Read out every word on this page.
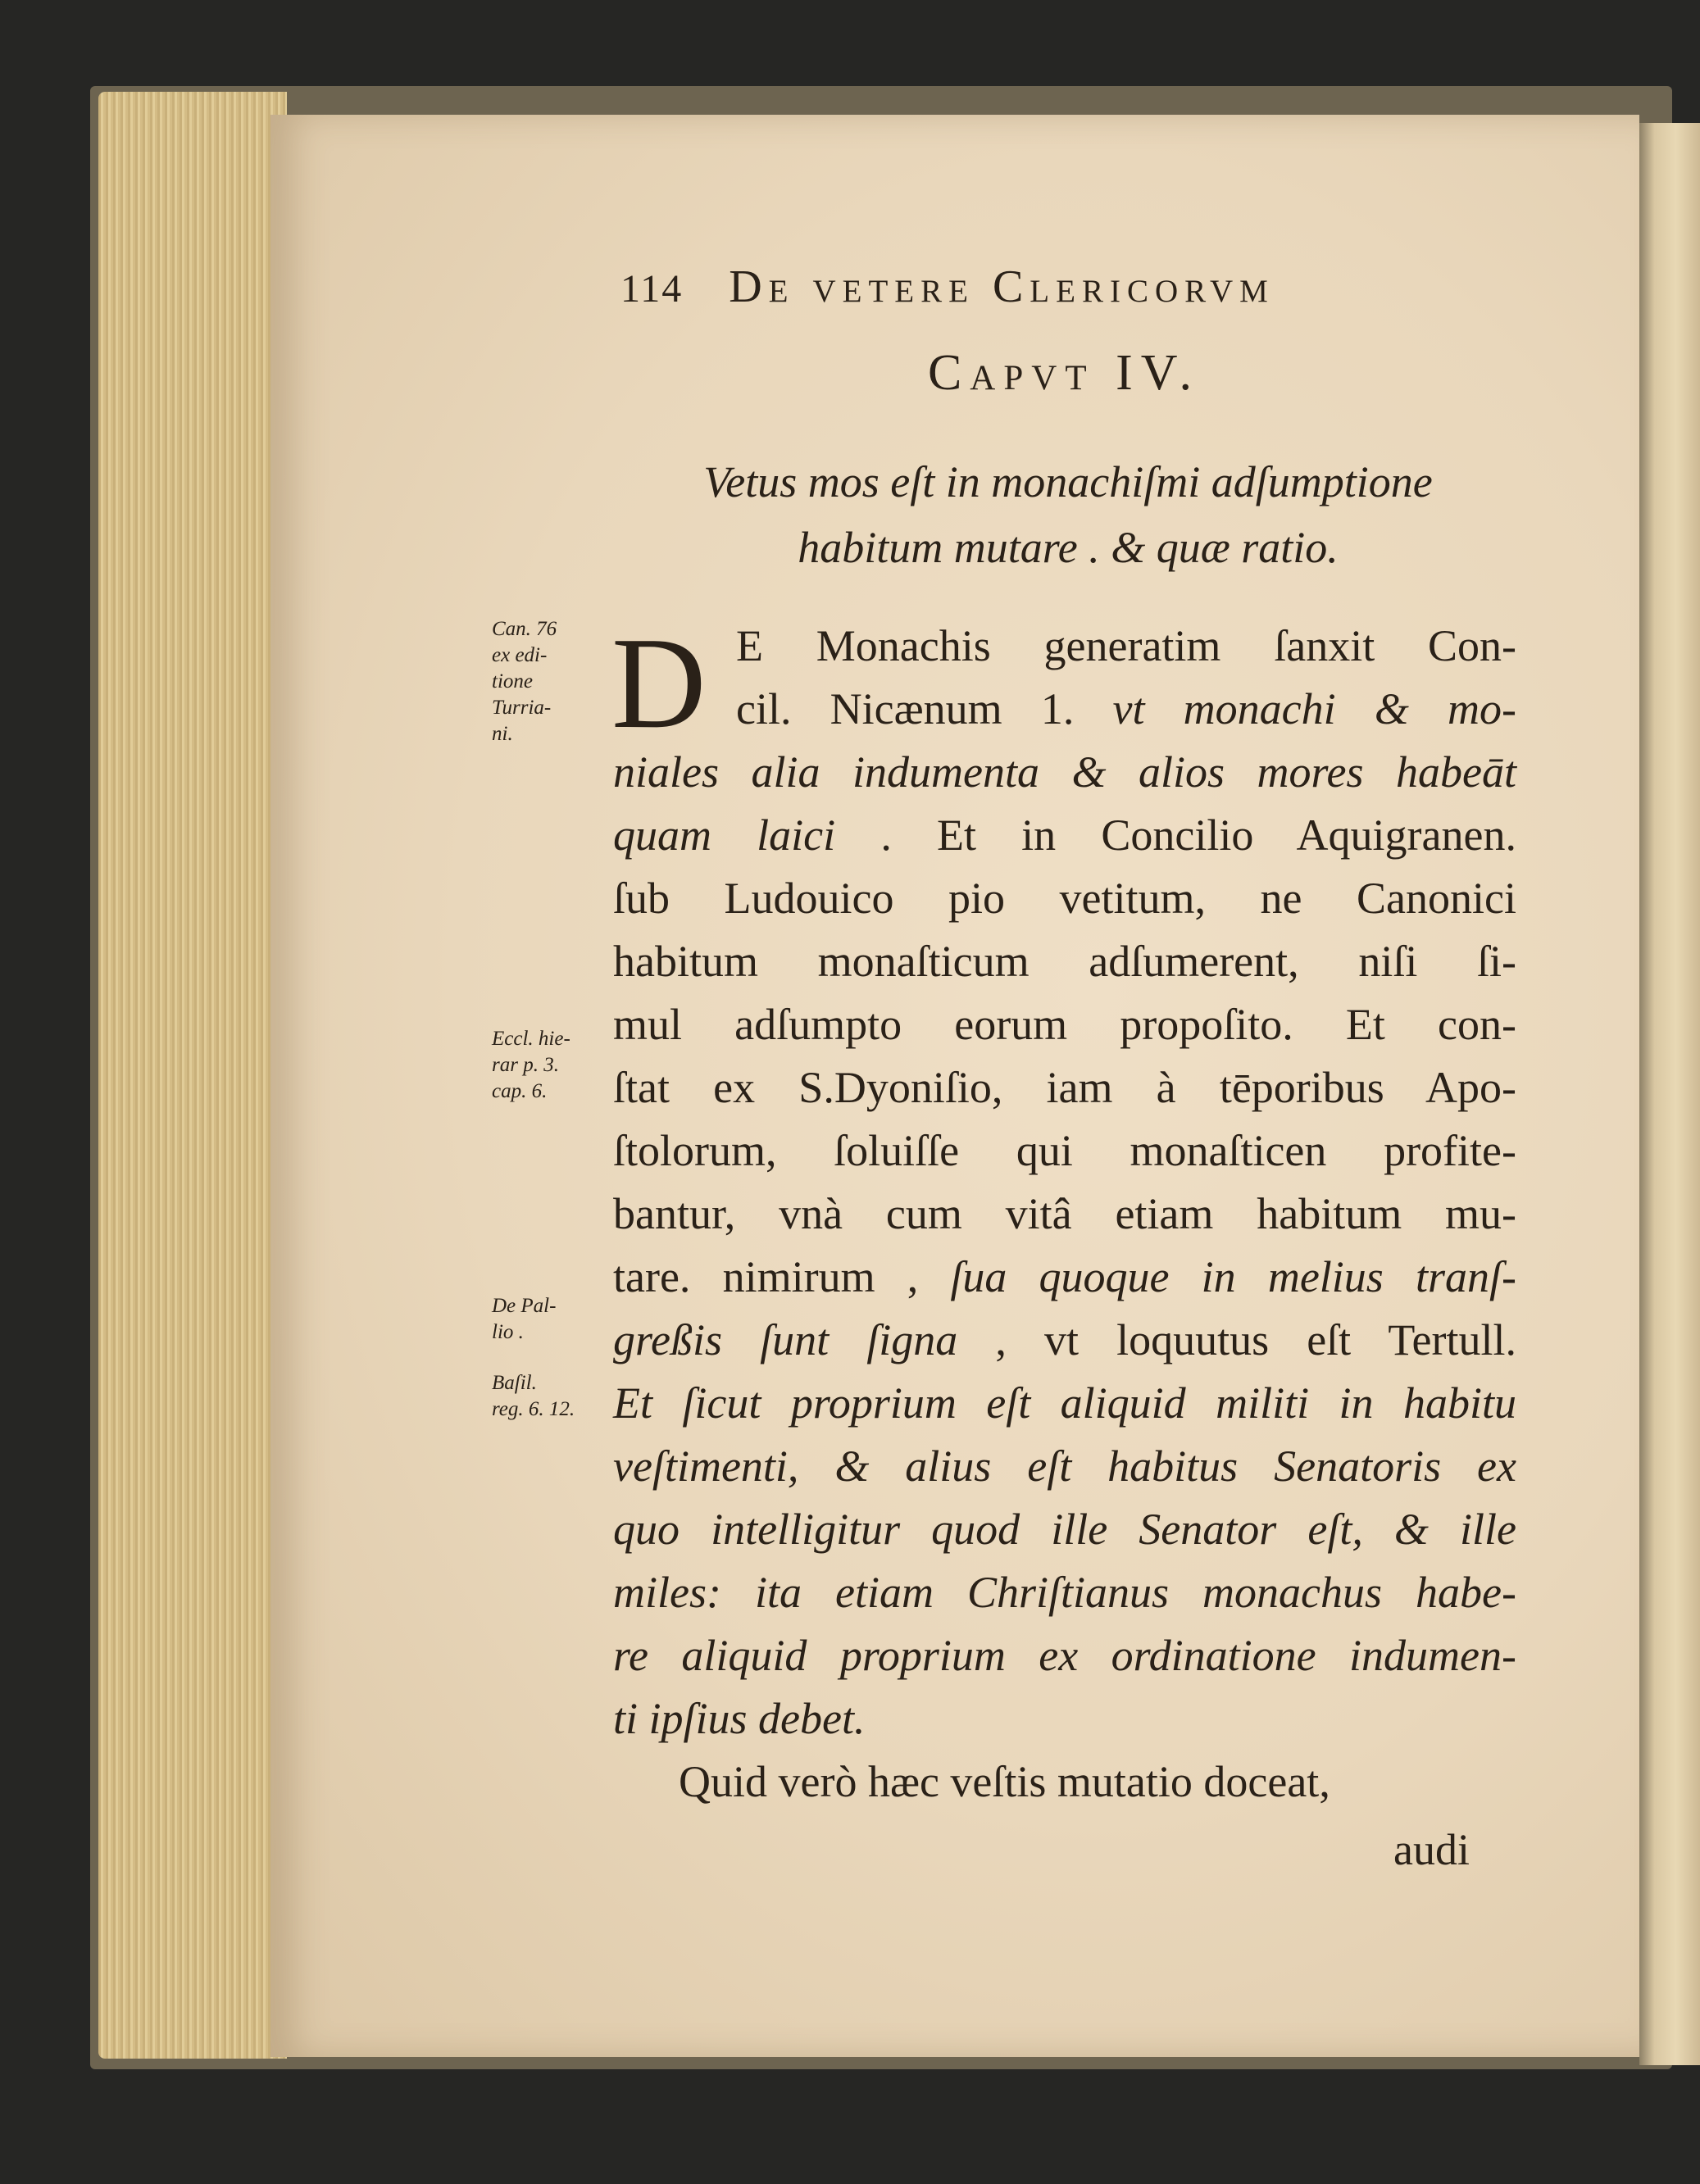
114 De vetere Clericorvm
Capvt IV.
Vetus mos eſt in monachiſmi adſumptione
habitum mutare . & quæ ratio.
D E Monachis generatim ſanxit Con-
cil. Nicænum 1. vt monachi & mo-
niales alia indumenta & alios mores habeāt
quam laici . Et in Concilio Aquigranen.
ſub Ludouico pio vetitum, ne Canonici
habitum monaſticum adſumerent, niſi ſi-
mul adſumpto eorum propoſito. Et con-
ſtat ex S.Dyoniſio, iam à tēporibus Apo-
ſtolorum, ſoluiſſe qui monaſticen profite-
bantur, vnà cum vitâ etiam habitum mu-
tare. nimirum , ſua quoque in melius tranſ-
greßis ſunt ſigna , vt loquutus eſt Tertull.
Et ſicut proprium eſt aliquid militi in habitu
veſtimenti, & alius eſt habitus Senatoris ex
quo intelligitur quod ille Senator eſt, & ille
miles: ita etiam Chriſtianus monachus habe-
re aliquid proprium ex ordinatione indumen-
ti ipſius debet.
Quid verò hæc veſtis mutatio doceat,
audi
Can. 76
ex edi-
tione
Turria-
ni.
Eccl. hie-
rar p. 3.
cap. 6.
De Pal-
lio .
Baſil.
reg. 6. 12.
